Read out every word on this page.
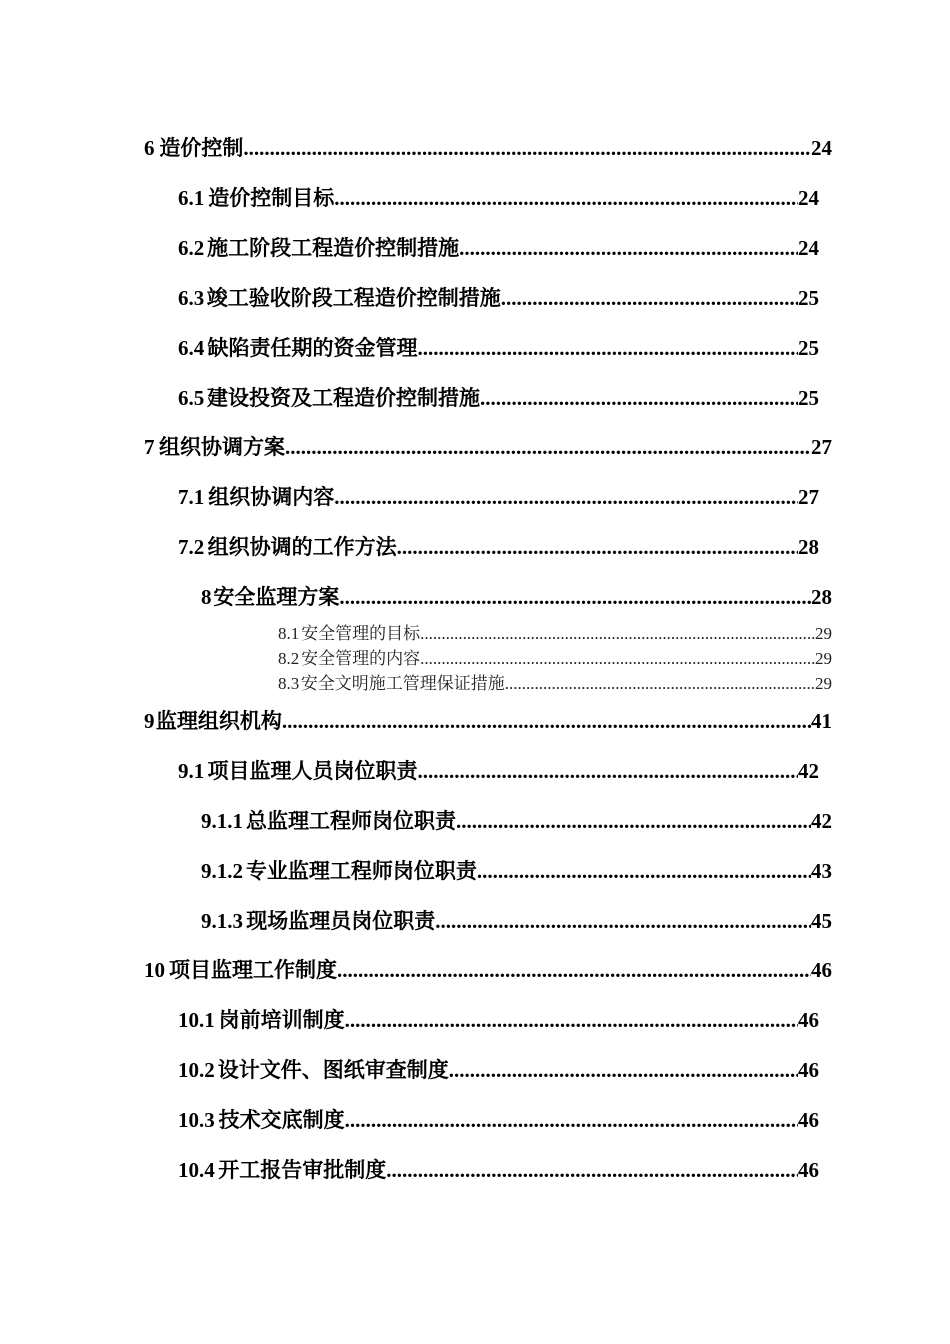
6 造价控制 .....	24
6.1 造价控制目标 .....	24
6.2 施工阶段工程造价控制措施 .....	24
6.3 竣工验收阶段工程造价控制措施 .....	25
6.4 缺陷责任期的资金管理 .....	25
6.5 建设投资及工程造价控制措施 .....	25
7 组织协调方案 .....	27
7.1 组织协调内容 .....	27
7.2 组织协调的工作方法 .....	28
8 安全监理方案 .....	28
8.1 安全管理的目标 .....	29
8.2 安全管理的内容 .....	29
8.3 安全文明施工管理保证措施 .....	29
9 监理组织机构 .....	41
9.1 项目监理人员岗位职责 .....	42
9.1.1 总监理工程师岗位职责 .....	42
9.1.2 专业监理工程师岗位职责 .....	43
9.1.3 现场监理员岗位职责 .....	45
10 项目监理工作制度 .....	46
10.1 岗前培训制度 .....	46
10.2 设计文件、图纸审查制度 .....	46
10.3 技术交底制度 .....	46
10.4 开工报告审批制度 .....	46
